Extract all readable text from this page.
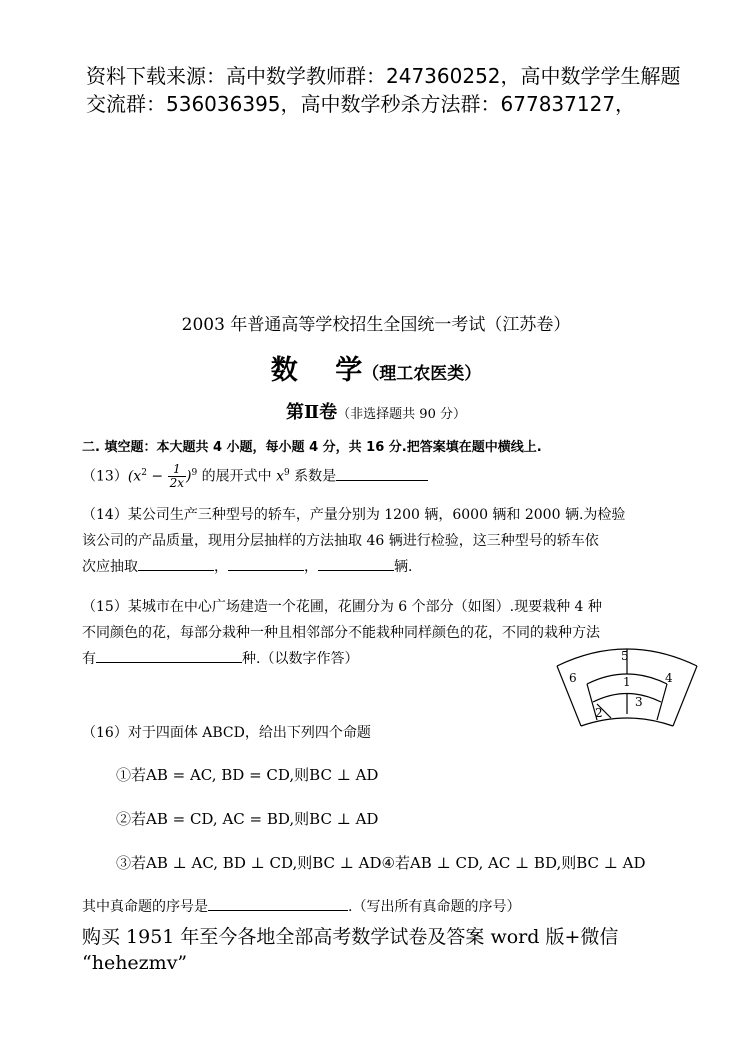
资料下载来源：高中数学教师群：247360252，高中数学学生解题
交流群：536036395，高中数学秒杀方法群：677837127，
2003 年普通高等学校招生全国统一考试（江苏卷）
数    学（理工农医类）
第Ⅱ卷（非选择题共 90 分）
二. 填空题：本大题共 4 小题，每小题 4 分，共 16 分.把答案填在题中横线上.
$(13)(x^2 - \frac{1}{2x} )^9$ 的展开式中 $x^9$ 系数是
（14）某公司生产三种型号的轿车，产量分别为 1200 辆，6000 辆和 2000 辆.为检验
该公司的产品质量，现用分层抽样的方法抽取 46 辆进行检验，这三种型号的轿车依
次应抽取	，	，	辆.
（15）某城市在中心广场建造一个花圃，花圃分为 6 个部分（如图）.现要栽种 4 种
不同颜色的花，每部分栽种一种且相邻部分不能栽种同样颜色的花，不同的栽种方法
有	种.（以数字作答）	5
6	1	4
3
2
（16）对于四面体 ABCD，给出下列四个命题
①若AB = AC, BD = CD,则BC ⊥ AD
②若AB = CD, AC = BD,则BC ⊥ AD
③若AB ⊥ AC, BD ⊥ CD,则BC ⊥ AD④若AB ⊥ CD, AC ⊥ BD,则BC ⊥ AD
其中真命题的序号是	.（写出所有真命题的序号）
购买 1951 年至今各地全部高考数学试卷及答案 word 版+微信
“hehezmv”
